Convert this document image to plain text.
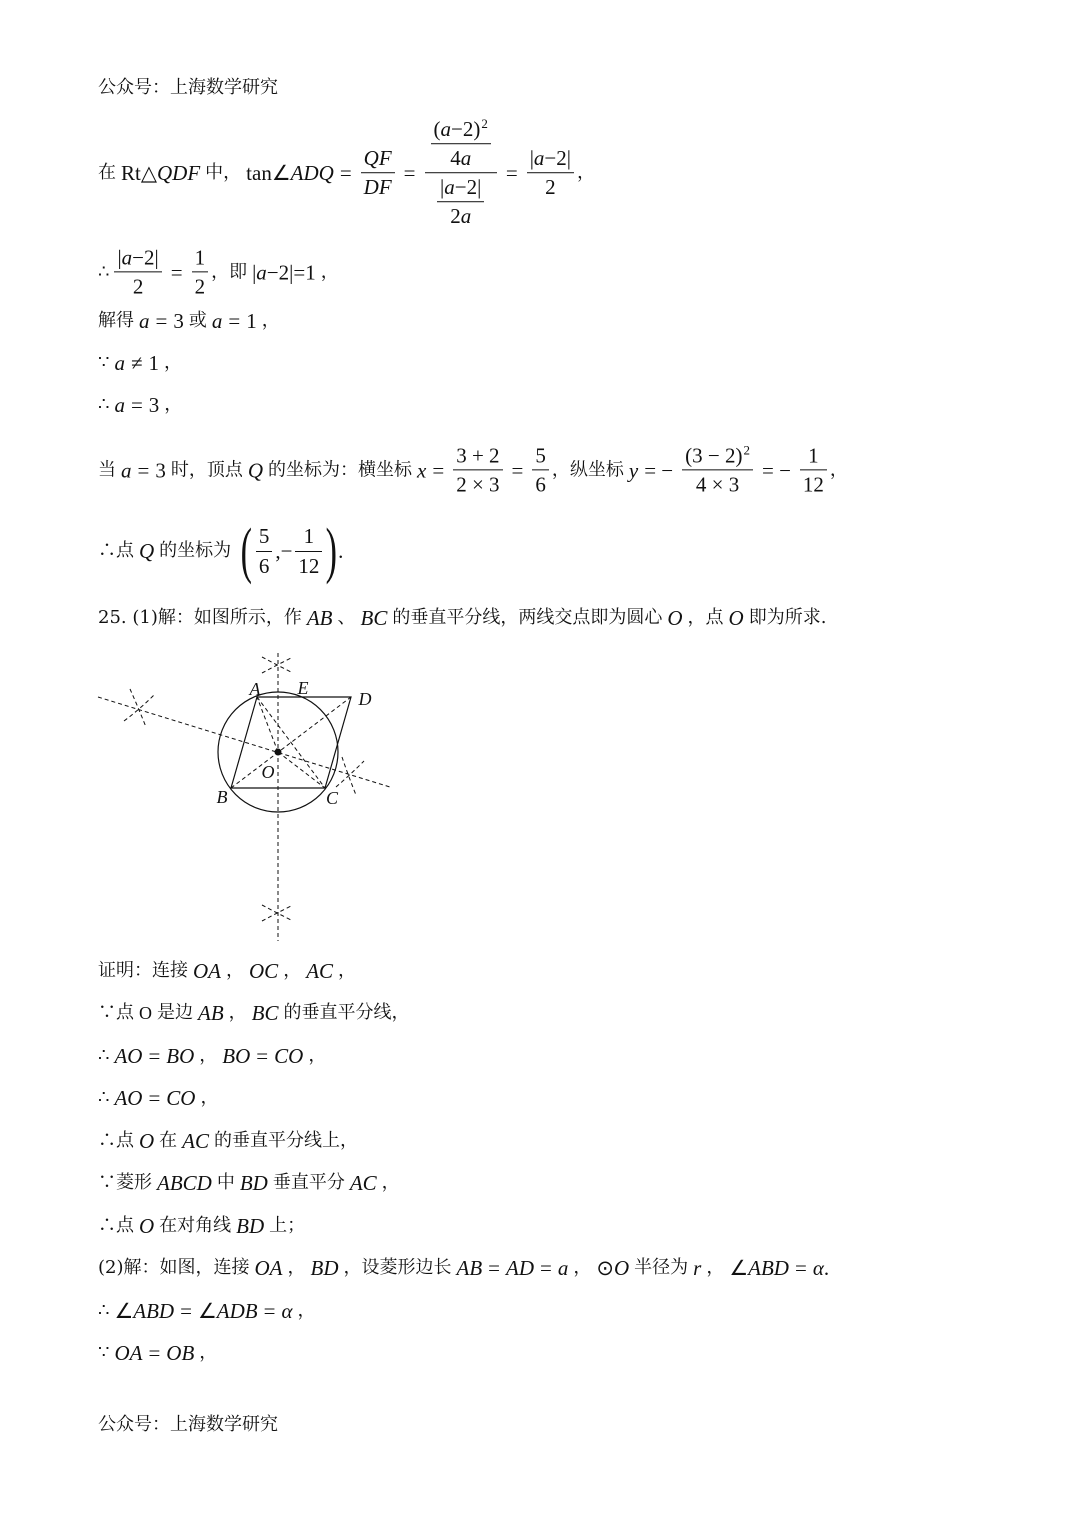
公众号：上海数学研究
在 Rt △ QDF 中， tan∠ ADQ = $\frac{QF}{DF} = \frac{\frac{( a -2) 2}{4 a}}{\frac{| a -2|}{2 a}} = \frac{| a -2|}{2}$ ，
∴ $\frac{| a -2|}{2} = \frac{1}{2}$ ，即 | a −2|=1 ，
解得 a = 3 或 a = 1 ，
∵ a ≠ 1 ，
∴ a = 3 ，
当 a = 3 时，顶点 Q 的坐标为：横坐标 $x = \frac{3 + 2}{2 \times 3} = \frac{5}{6}$ ，纵坐标 y = − $\frac{(3 - 2) 2}{4 \times 3}$ = − $\frac{1}{12}$ ，
∴点 Q 的坐标为 ( $\frac{5}{6}$ , − $\frac{1}{12}$ ) .
25. (1)解：如图所示，作 AB 、 BC 的垂直平分线，两线交点即为圆心 O ，点 O 即为所求.
A E
D
B	C
O
证明：连接 OA ， OC ， AC ，
∵点 O 是边 AB ， BC 的垂直平分线，
∴ AO = BO ， BO = CO ，
∴ AO = CO ，
∴点 O 在 AC 的垂直平分线上，
∵菱形 ABCD 中 BD 垂直平分 AC ，
∴点 O 在对角线 BD 上；
(2)解：如图，连接 OA ， BD ，设菱形边长 AB = AD = a ， ⊙ O 半径为 r ， ∠ ABD = α .
∴ ∠ ABD = ∠ ADB = α ，
∵ OA = OB ，
公众号：上海数学研究
